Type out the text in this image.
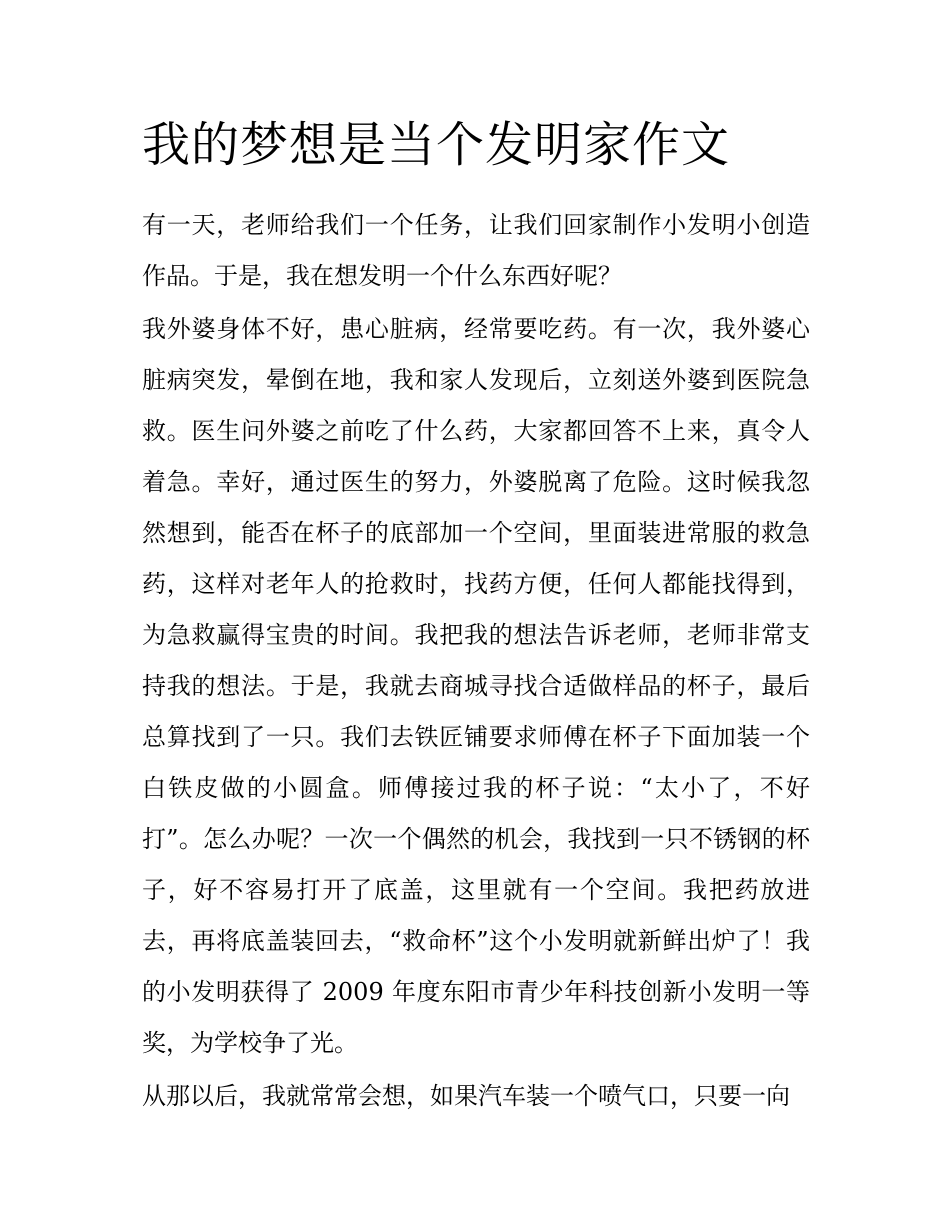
我的梦想是当个发明家作文

有一天，老师给我们一个任务，让我们回家制作小发明小创造作品。于是，我在想发明一个什么东西好呢？

我外婆身体不好，患心脏病，经常要吃药。有一次，我外婆心脏病突发，晕倒在地，我和家人发现后，立刻送外婆到医院急救。医生问外婆之前吃了什么药，大家都回答不上来，真令人着急。幸好，通过医生的努力，外婆脱离了危险。这时候我忽然想到，能否在杯子的底部加一个空间，里面装进常服的救急药，这样对老年人的抢救时，找药方便，任何人都能找得到，为急救赢得宝贵的时间。我把我的想法告诉老师，老师非常支持我的想法。于是，我就去商城寻找合适做样品的杯子，最后总算找到了一只。我们去铁匠铺要求师傅在杯子下面加装一个白铁皮做的小圆盒。师傅接过我的杯子说：“太小了，不好打”。怎么办呢？一次一个偶然的机会，我找到一只不锈钢的杯子，好不容易打开了底盖，这里就有一个空间。我把药放进去，再将底盖装回去，“救命杯”这个小发明就新鲜出炉了！我的小发明获得了 2009 年度东阳市青少年科技创新小发明一等奖，为学校争了光。

从那以后，我就常常会想，如果汽车装一个喷气口，只要一向
